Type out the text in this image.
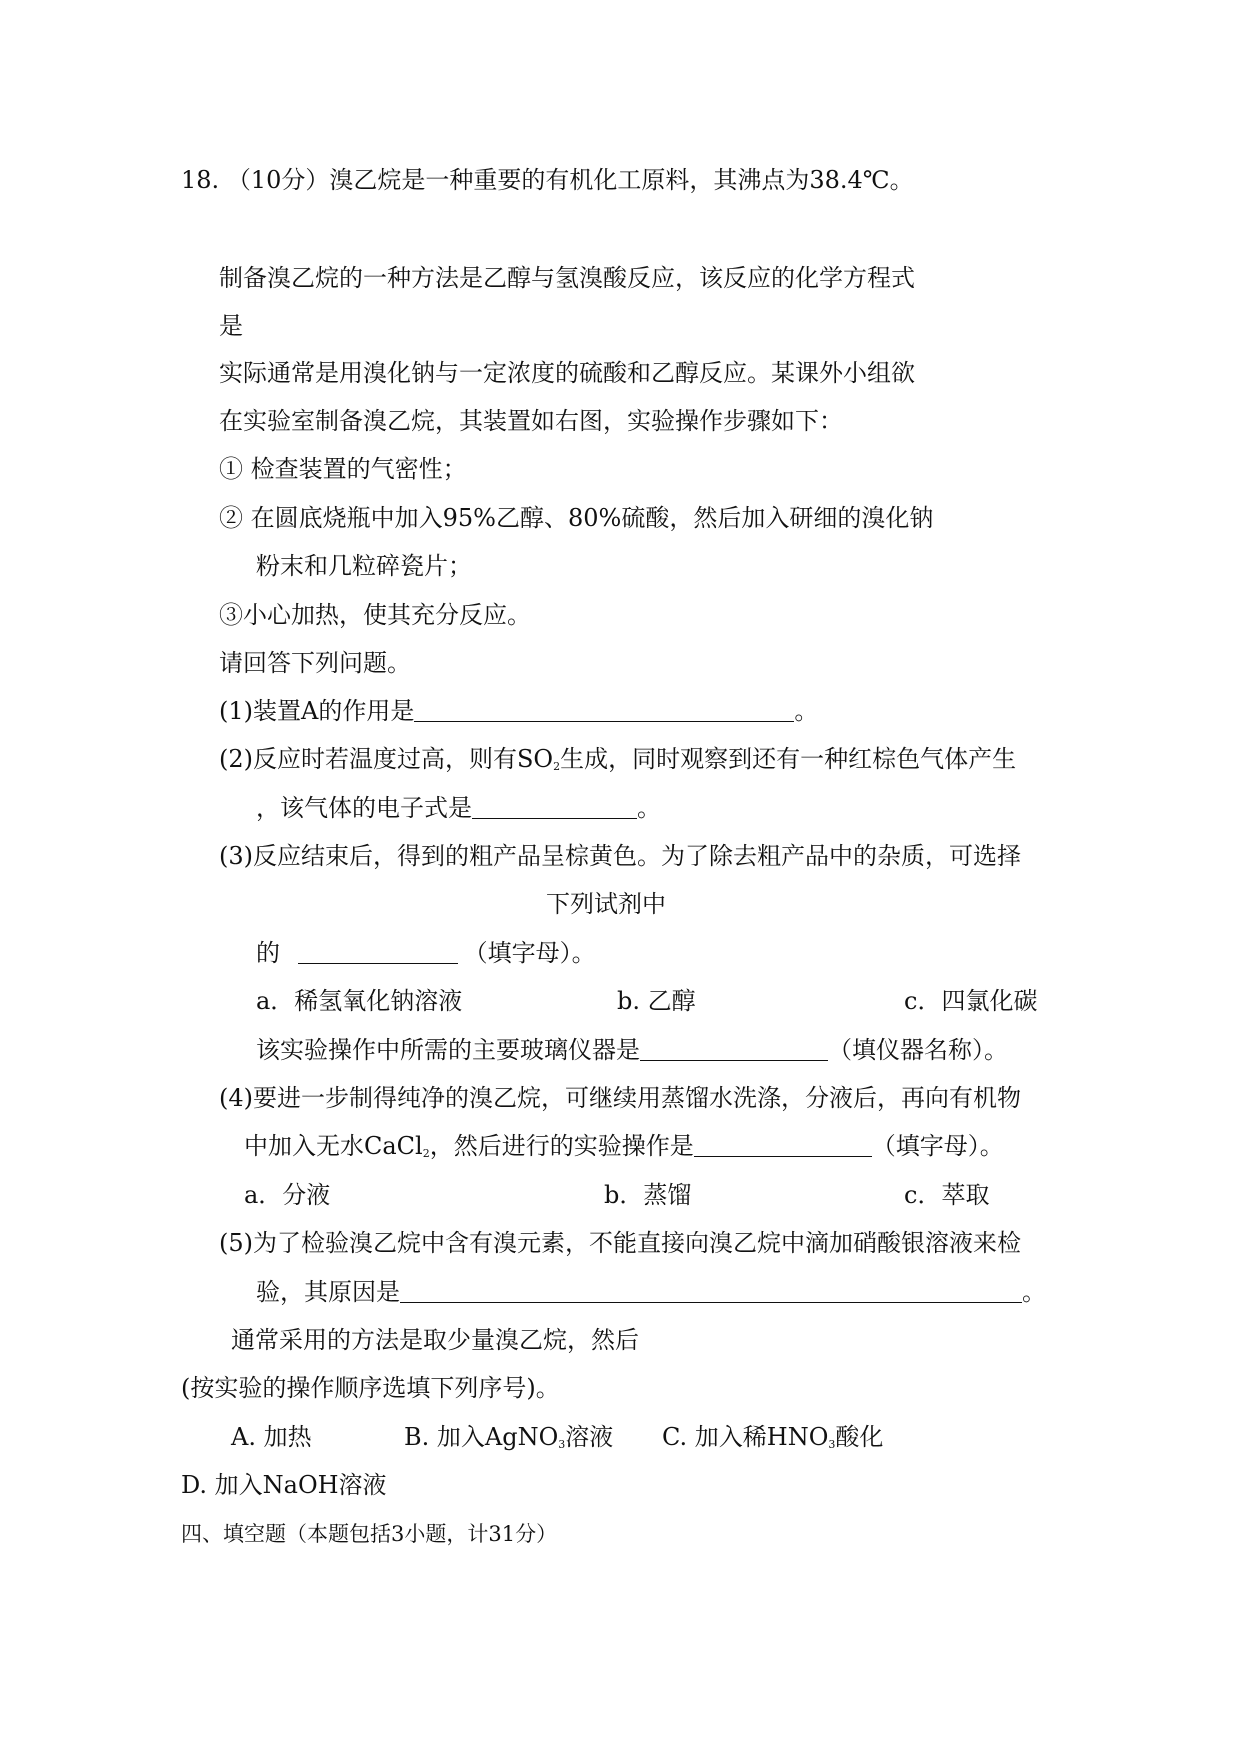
18. （10分）溴乙烷是一种重要的有机化工原料，其沸点为38.4℃。
制备溴乙烷的一种方法是乙醇与氢溴酸反应，该反应的化学方程式
是
实际通常是用溴化钠与一定浓度的硫酸和乙醇反应。某课外小组欲
在实验室制备溴乙烷，其装置如右图，实验操作步骤如下：
① 检查装置的气密性；
② 在圆底烧瓶中加入95%乙醇、80%硫酸，然后加入研细的溴化钠
粉末和几粒碎瓷片；
③小心加热，使其充分反应。
请回答下列问题。
(1)装置A的作用是	。
(2)反应时若温度过高，则有$SO_2$生成，同时观察到还有一种红棕色气体产生
，该气体的电子式是	。
(3)反应结束后，得到的粗产品呈棕黄色。为了除去粗产品中的杂质，可选择
下列试剂中
的	（填字母）。
a．稀氢氧化钠溶液	b. 乙醇	c．四氯化碳
该实验操作中所需的主要玻璃仪器是	（填仪器名称）。
(4)要进一步制得纯净的溴乙烷，可继续用蒸馏水洗涤，分液后，再向有机物
中加入无水CaCl$_2$，然后进行的实验操作是	（填字母）。
a．分液	b．蒸馏	c．萃取
(5)为了检验溴乙烷中含有溴元素，不能直接向溴乙烷中滴加硝酸银溶液来检
验，其原因是	。
通常采用的方法是取少量溴乙烷，然后
(按实验的操作顺序选填下列序号)。
A. 加热	B. 加入AgNO$_3$溶液 C. 加入稀$HNO_3$酸化
D. 加入NaOH溶液
四、填空题（本题包括3小题，计31分）
